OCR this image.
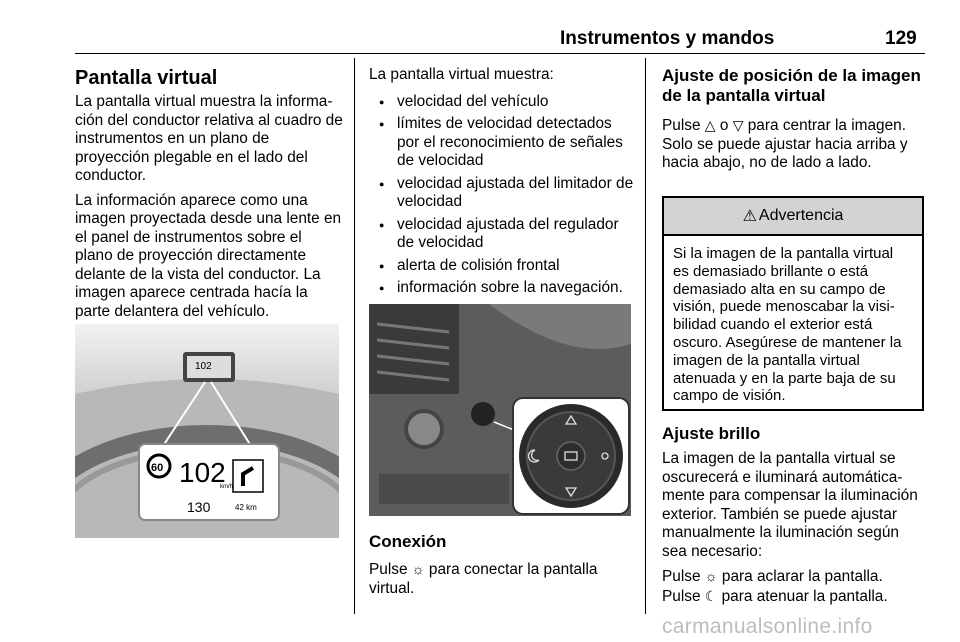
Instrumentos y mandos	129
Pantalla virtual

La pantalla virtual muestra la informa-ción del conductor relativa al cuadro de instrumentos en un plano de proyección plegable en el lado del conductor.

La información aparece como una imagen proyectada desde una lente en el panel de instrumentos sobre el plano de proyección directamente delante de la vista del conductor. La imagen aparece centrada hacía la parte delantera del vehículo.

102
60 102
km/h
130	42 km

La pantalla virtual muestra:

● velocidad del vehículo
● límites de velocidad detectados por el reconocimiento de señales de velocidad
● velocidad ajustada del limitador de velocidad
● velocidad ajustada del regulador de velocidad
● alerta de colisión frontal
● información sobre la navegación.
Conexión

Pulse ☼ para conectar la pantalla virtual.

Ajuste de posición de la imagen de la pantalla virtual

Pulse △ o ▽ para centrar la imagen. Solo se puede ajustar hacia arriba y hacia abajo, no de lado a lado.

⚠ Advertencia
Si la imagen de la pantalla virtual es demasiado brillante o está demasiado alta en su campo de visión, puede menoscabar la visi-bilidad cuando el exterior está oscuro. Asegúrese de mantener la imagen de la pantalla virtual atenuada y en la parte baja de su campo de visión.
Ajuste brillo

La imagen de la pantalla virtual se oscurecerá e iluminará automática-mente para compensar la iluminación exterior. También se puede ajustar manualmente la iluminación según sea necesario:

Pulse ☼ para aclarar la pantalla.

Pulse ☾ para atenuar la pantalla.

carmanualsonline.info
